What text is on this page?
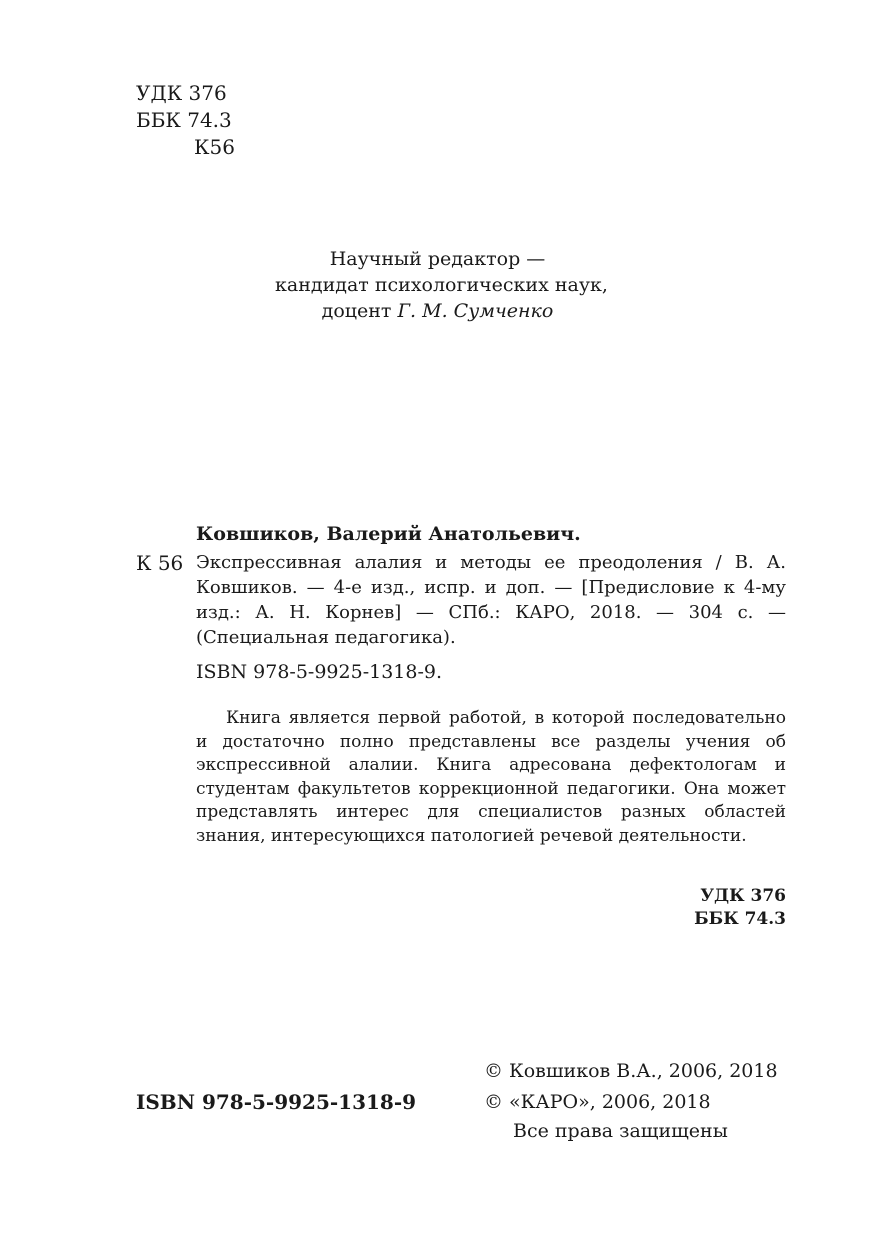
УДК 376
ББК 74.3
К56
Научный редактор —
кандидат психологических наук,
доцент Г. М. Сумченко
Ковшиков, Валерий Анатольевич.
К 56 Экспрессивная алалия и методы ее преодоления / В. А. Ковшиков. — 4-е изд., испр. и доп. — [Предисловие к 4-му изд.: А. Н. Корнев] — СПб.: КАРО, 2018. — 304 с. — (Специальная педагогика).
ISBN 978-5-9925-1318-9.
Книга является первой работой, в которой последовательно и достаточно полно представлены все разделы учения об экспрессивной алалии. Книга адресована дефектологам и студентам факультетов коррекционной педагогики. Она может представлять интерес для специалистов разных областей знания, интересующихся патологией речевой деятельности.
УДК 376
ББК 74.3
ISBN 978-5-9925-1318-9
© Ковшиков В.А., 2006, 2018
© «КАРО», 2006, 2018
Все права защищены
